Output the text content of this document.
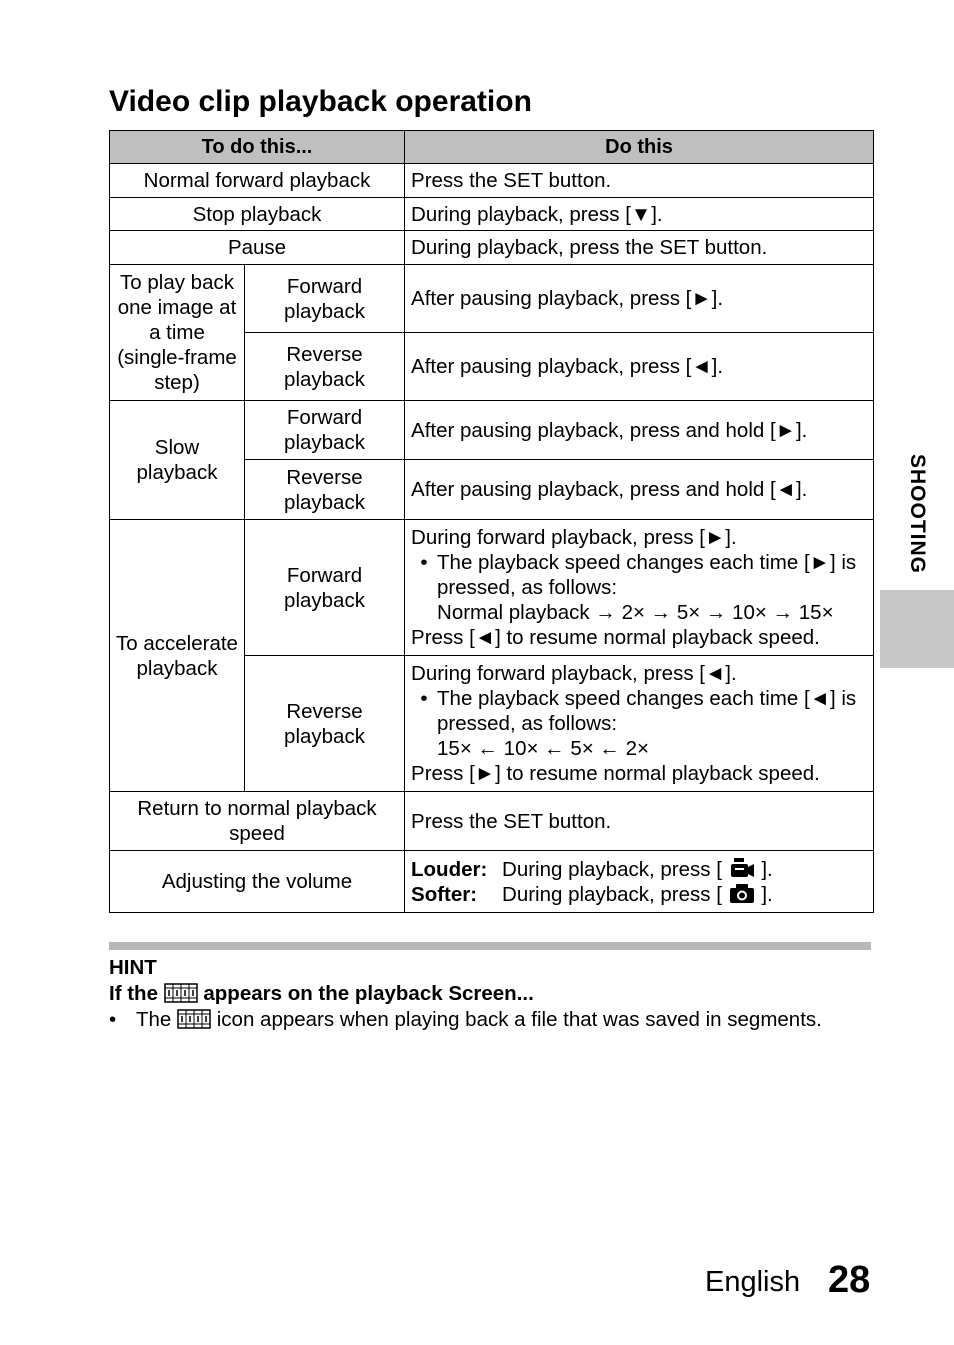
Video clip playback operation
To do this...		Do this
Normal forward playback		Press the SET button.
Stop playback		During playback, press [▼].
Pause		During playback, press the SET button.
To play back one image at a time (single-frame step)	Forward playback	After pausing playback, press [►].
	Reverse playback	After pausing playback, press [◄].
Slow playback	Forward playback	After pausing playback, press and hold [►].
	Reverse playback	After pausing playback, press and hold [◄].
To accelerate playback	Forward playback	During forward playback, press [►].
• The playback speed changes each time [►] is pressed, as follows:
Normal playback → 2× → 5× → 10× → 15×
Press [◄] to resume normal playback speed.

	Reverse playback	During forward playback, press [◄].
• The playback speed changes each time [◄] is pressed, as follows:
15× ← 10× ← 5× ← 2×
Press [►] to resume normal playback speed.

Return to normal playback speed		Press the SET button.
Adjusting the volume		Louder: During playback, press [ ].
Softer: During playback, press [ ].
HINT
If the appears on the playback Screen...
• The icon appears when playing back a file that was saved in segments.
SHOOTING
English 28
